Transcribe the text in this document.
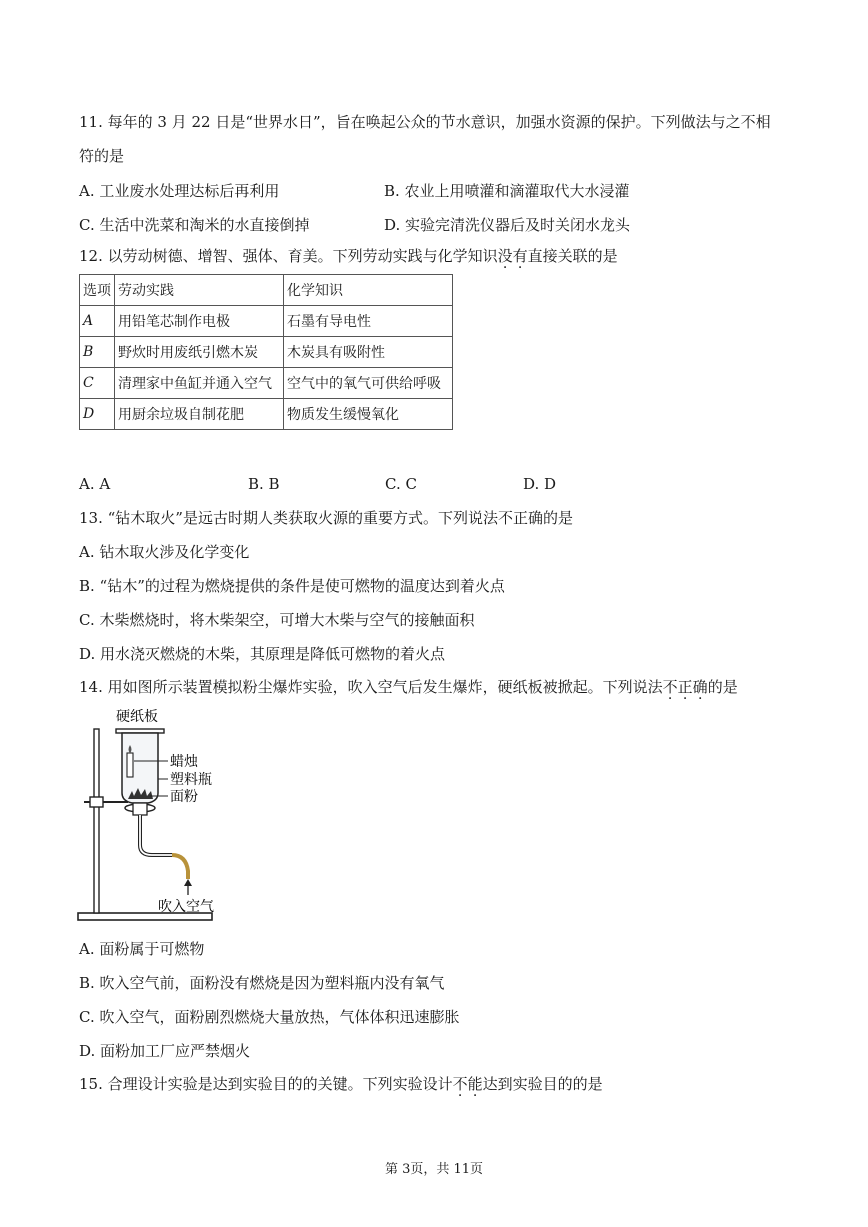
11. 每年的 3 月 22 日是“世界水日”，旨在唤起公众的节水意识，加强水资源的保护。下列做法与之不相
符的是
A. 工业废水处理达标后再利用	B. 农业上用喷灌和滴灌取代大水浸灌
C. 生活中洗菜和淘米的水直接倒掉	D. 实验完清洗仪器后及时关闭水龙头
12. 以劳动树德、增智、强体、育美。下列劳动实践与化学知识没有直接关联的是
选项	劳动实践	化学知识
A	用铅笔芯制作电极	石墨有导电性
B	野炊时用废纸引燃木炭	木炭具有吸附性
C	清理家中鱼缸并通入空气	空气中的氧气可供给呼吸
D	用厨余垃圾自制花肥	物质发生缓慢氧化
A. A	B. B	C. C	D. D
13. “钻木取火”是远古时期人类获取火源的重要方式。下列说法不正确的是
A. 钻木取火涉及化学变化
B. “钻木”的过程为燃烧提供的条件是使可燃物的温度达到着火点
C. 木柴燃烧时，将木柴架空，可增大木柴与空气的接触面积
D. 用水浇灭燃烧的木柴，其原理是降低可燃物的着火点
14. 用如图所示装置模拟粉尘爆炸实验，吹入空气后发生爆炸，硬纸板被掀起。下列说法不正确的是
硬纸板
蜡烛
塑料瓶
面粉
吹入空气
A. 面粉属于可燃物
B. 吹入空气前，面粉没有燃烧是因为塑料瓶内没有氧气
C. 吹入空气，面粉剧烈燃烧大量放热，气体体积迅速膨胀
D. 面粉加工厂应严禁烟火
15. 合理设计实验是达到实验目的的关键。下列实验设计不能达到实验目的的是
第 3页，共 11页
